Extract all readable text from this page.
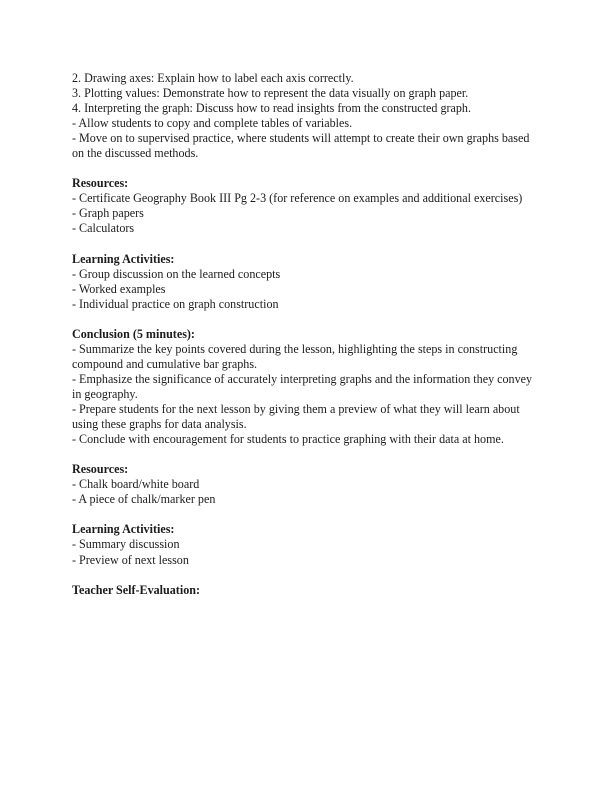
2. Drawing axes: Explain how to label each axis correctly.
3. Plotting values: Demonstrate how to represent the data visually on graph paper.
4. Interpreting the graph: Discuss how to read insights from the constructed graph.
- Allow students to copy and complete tables of variables.
- Move on to supervised practice, where students will attempt to create their own graphs based
on the discussed methods.
Resources:
- Certificate Geography Book III Pg 2-3 (for reference on examples and additional exercises)
- Graph papers
- Calculators
Learning Activities:
- Group discussion on the learned concepts
- Worked examples
- Individual practice on graph construction
Conclusion (5 minutes):
- Summarize the key points covered during the lesson, highlighting the steps in constructing
compound and cumulative bar graphs.
- Emphasize the significance of accurately interpreting graphs and the information they convey
in geography.
- Prepare students for the next lesson by giving them a preview of what they will learn about
using these graphs for data analysis.
- Conclude with encouragement for students to practice graphing with their data at home.
Resources:
- Chalk board/white board
- A piece of chalk/marker pen
Learning Activities:
- Summary discussion
- Preview of next lesson
Teacher Self-Evaluation:
